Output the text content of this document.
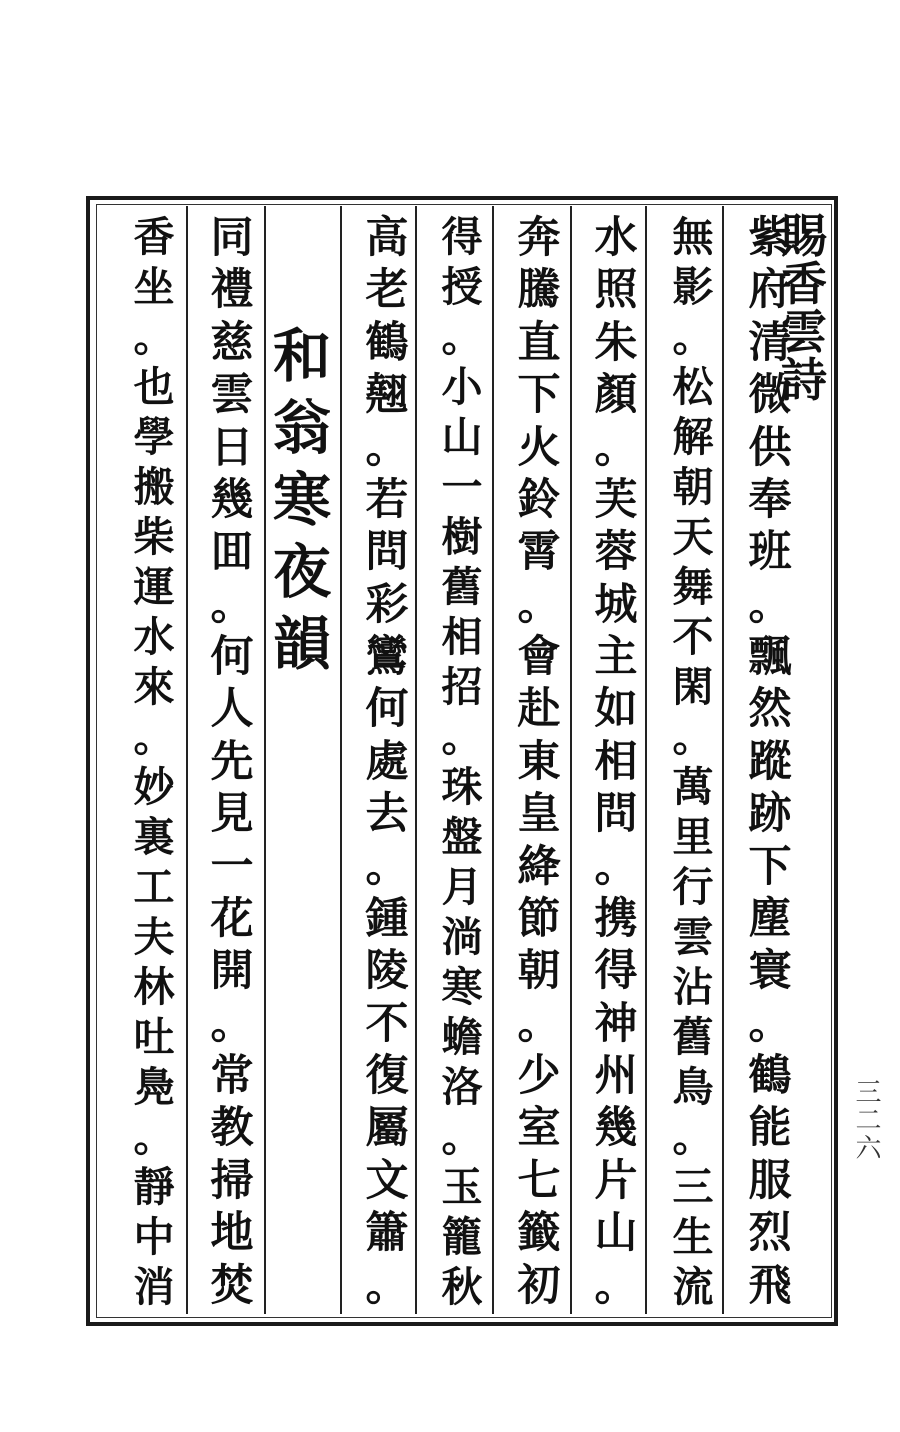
賜香雲詩
紫
府
清
微
供
奉
班
。
飄
然
蹤
跡
下
塵
寰
。
鶴
能
服
烈
飛
無
影
。
松
解
朝
天
舞
不
閑
。
萬
里
行
雲
沾
舊
鳥
。
三
生
流
水
照
朱
顏
。
芙
蓉
城
主
如
相
問
。
携
得
神
州
幾
片
山
。
奔
騰
直
下
火
鈴
霄
。
會
赴
東
皇
絳
節
朝
。
少
室
七
籤
初
得
授
。
小
山
一
樹
舊
相
招
。
珠
盤
月
淌
寒
蟾
洛
。
玉
籠
秋
高
老
鶴
翹
。
若
問
彩
鸞
何
處
去
。
鍾
陵
不
復
屬
文
簫
。
和
翁
寒
夜
韻
同
禮
慈
雲
日
幾
囬
。
何
人
先
見
一
花
開
。
常
教
掃
地
焚
香
坐
。
也
學
搬
柴
運
水
來
。
妙
裏
工
夫
林
吐
鳧
。
靜
中
消
三二六
